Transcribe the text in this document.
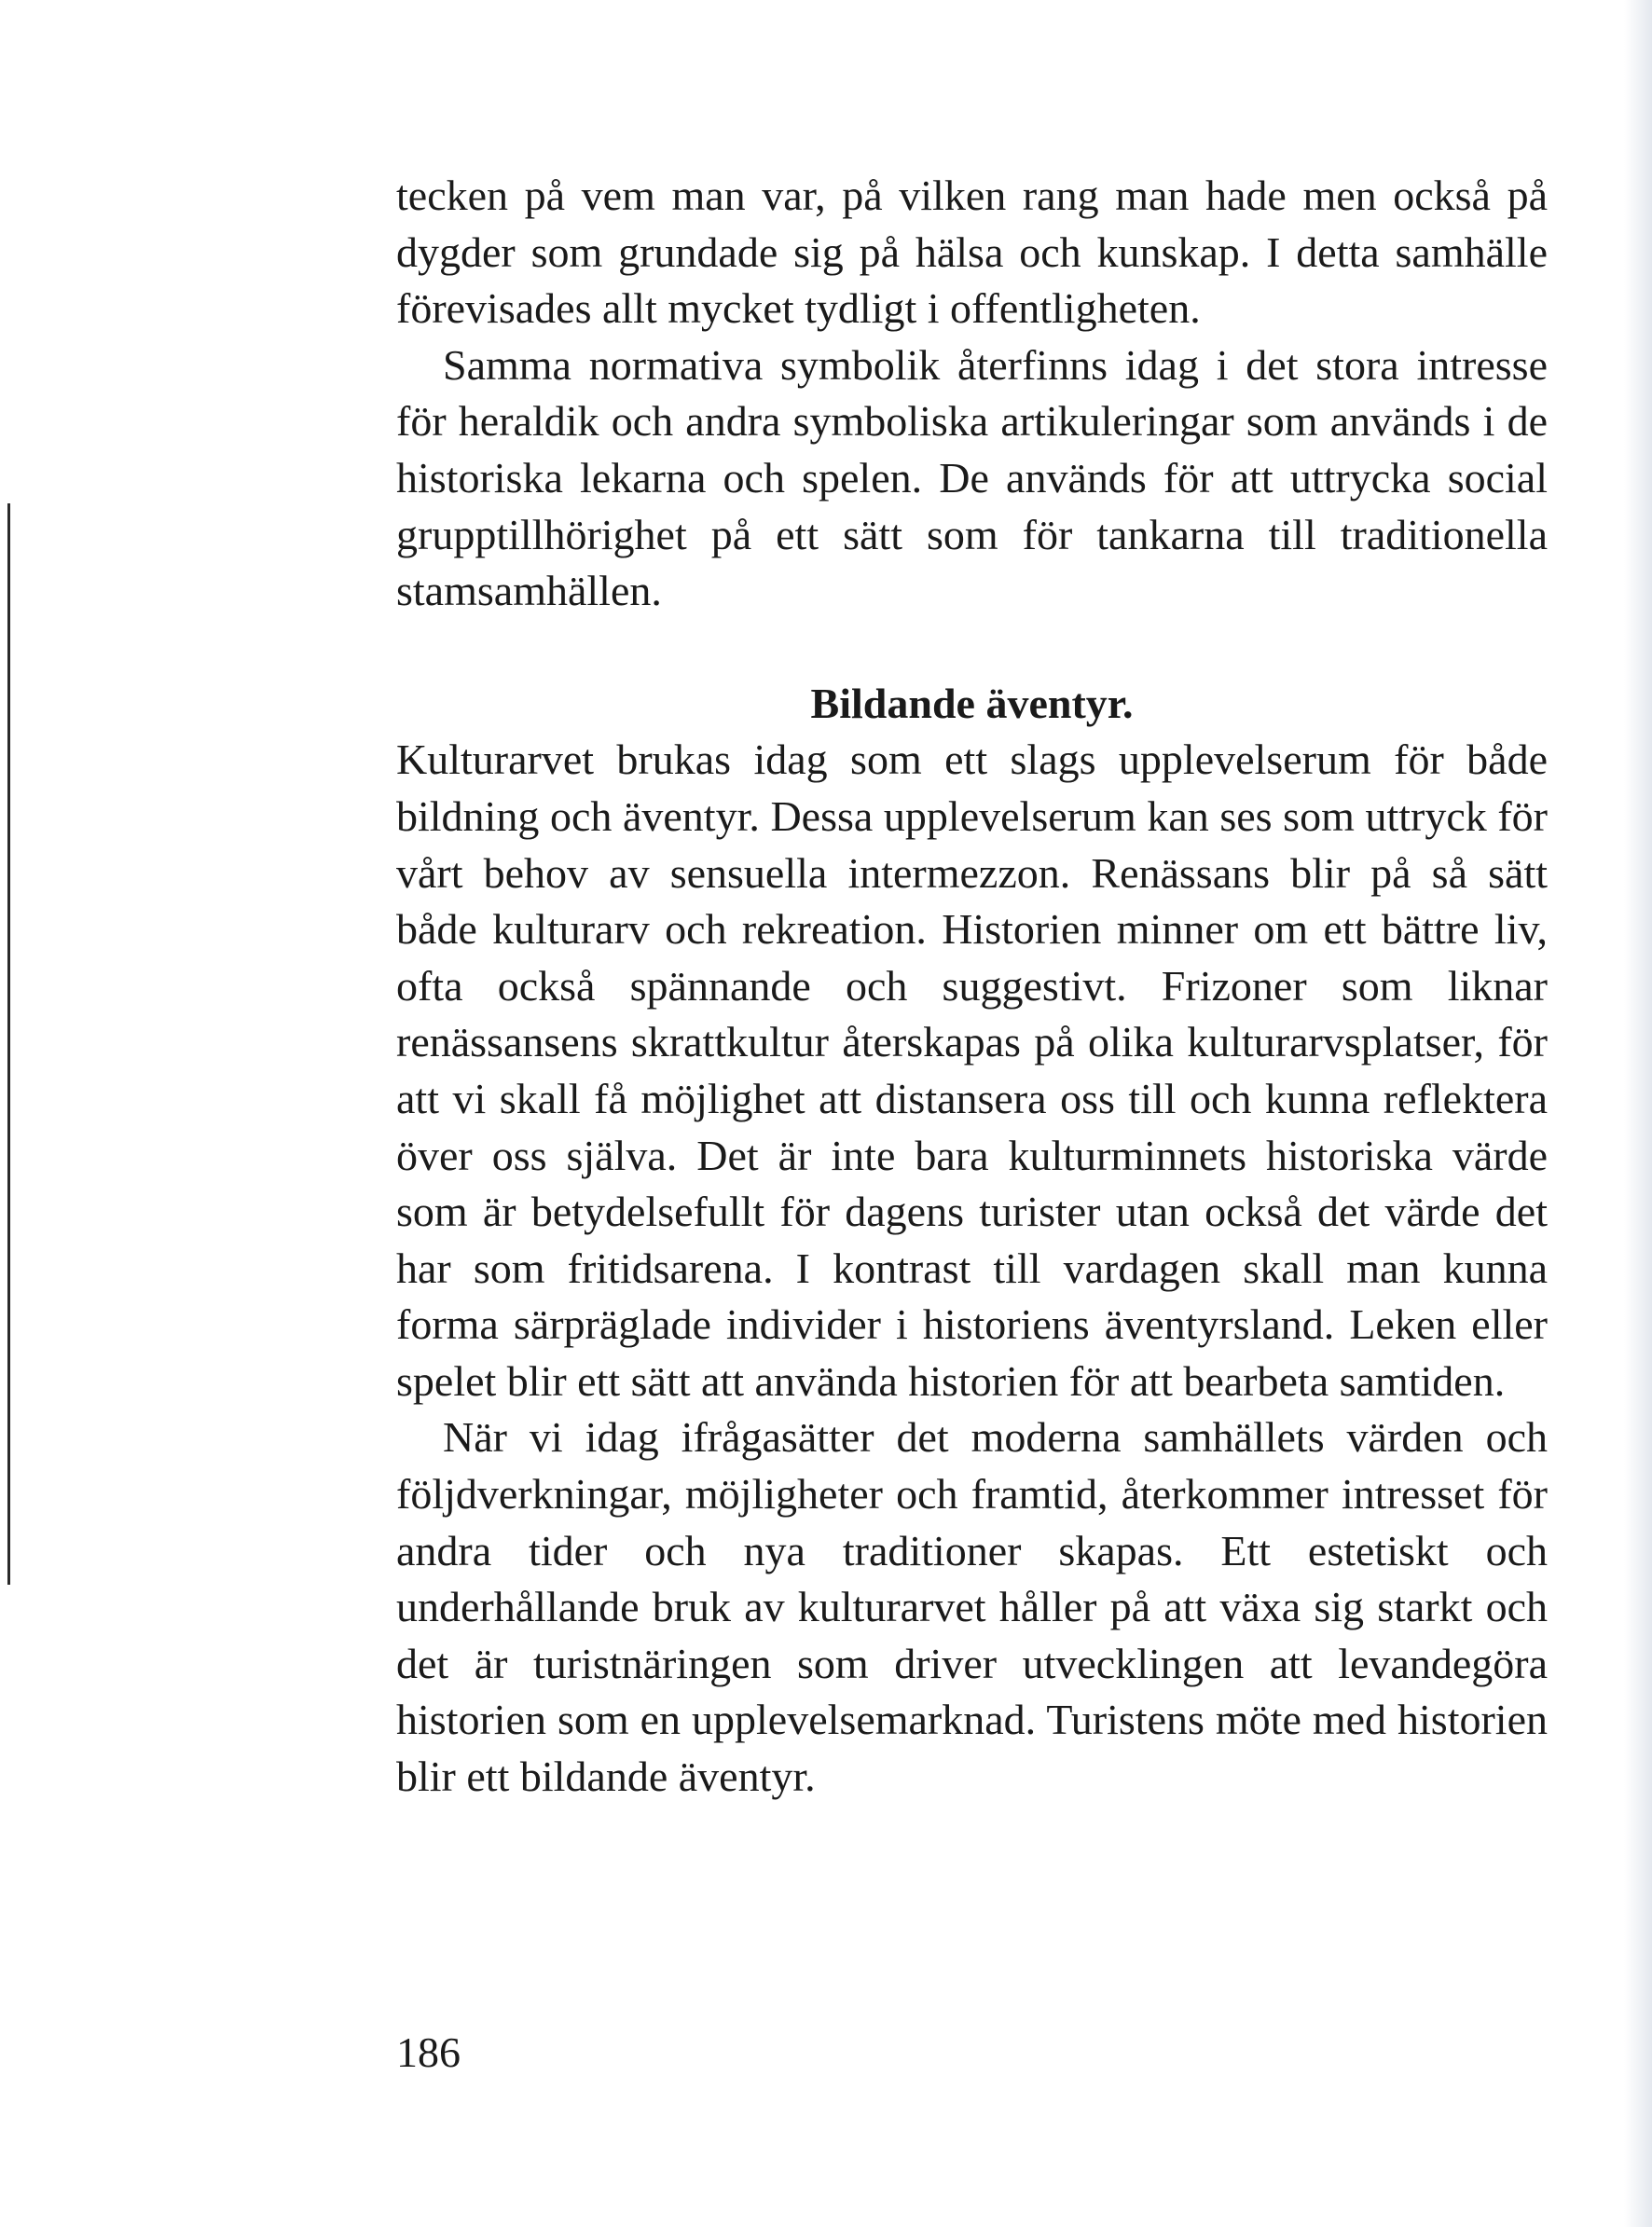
tecken på vem man var, på vilken rang man hade men också på dygder som grundade sig på hälsa och kunskap. I detta samhälle förevisades allt mycket tydligt i offentligheten.

Samma normativa symbolik återfinns idag i det stora intresse för heraldik och andra symboliska artikuleringar som används i de historiska lekarna och spelen. De används för att uttrycka social grupptillhörighet på ett sätt som för tankarna till traditionella stamsamhällen.

Bildande äventyr.

Kulturarvet brukas idag som ett slags upplevelserum för både bildning och äventyr. Dessa upplevelserum kan ses som uttryck för vårt behov av sensuella intermezzon. Renässans blir på så sätt både kulturarv och rekreation. Historien minner om ett bättre liv, ofta också spännande och suggestivt. Frizoner som liknar renässansens skrattkultur återskapas på olika kulturarvsplatser, för att vi skall få möjlighet att distansera oss till och kunna reflektera över oss själva. Det är inte bara kulturminnets historiska värde som är betydelsefullt för dagens turister utan också det värde det har som fritidsarena. I kontrast till vardagen skall man kunna forma särpräglade individer i historiens äventyrsland. Leken eller spelet blir ett sätt att använda historien för att bearbeta samtiden.

När vi idag ifrågasätter det moderna samhällets värden och följdverkningar, möjligheter och framtid, återkommer intresset för andra tider och nya traditioner skapas. Ett estetiskt och underhållande bruk av kulturarvet håller på att växa sig starkt och det är turistnäringen som driver utvecklingen att levandegöra historien som en upplevelsemarknad. Turistens möte med historien blir ett bildande äventyr.

186
